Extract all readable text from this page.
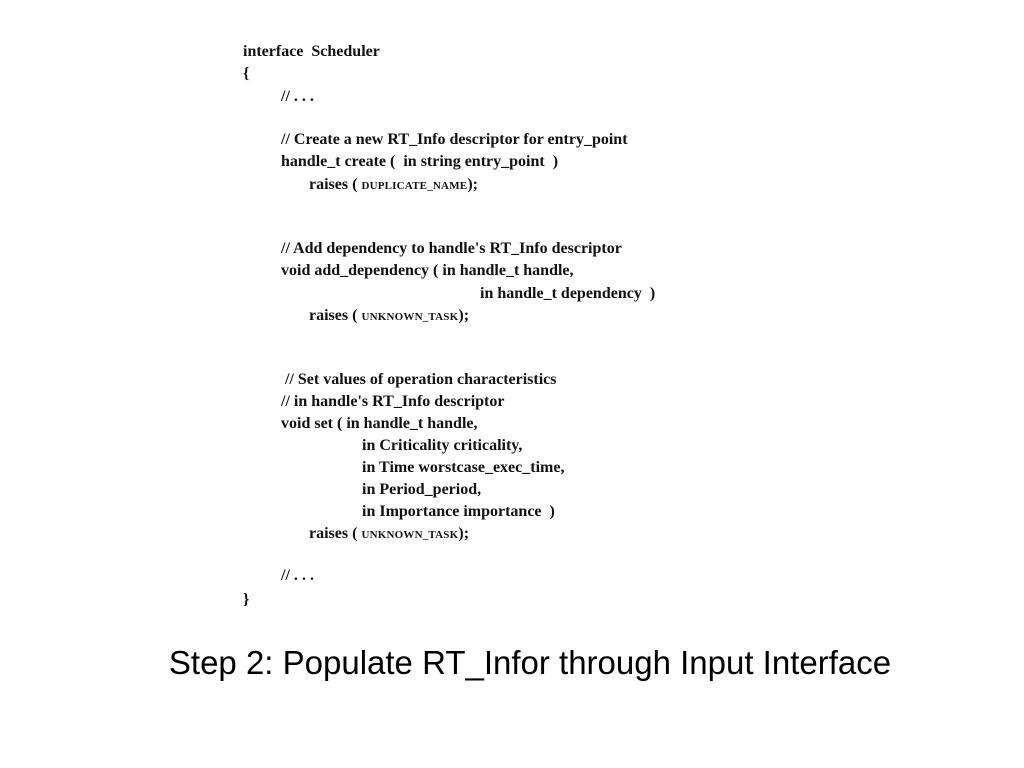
interface  Scheduler
{
// . . .
// Create a new RT_Info descriptor for entry_point
handle_t create (  in string entry_point  )
raises ( DUPLICATE_NAME);
// Add dependency to handle's RT_Info descriptor
void add_dependency ( in handle_t handle,
in handle_t dependency  )
raises ( UNKNOWN_TASK);
// Set values of operation characteristics
// in handle's RT_Info descriptor
void set ( in handle_t handle,
in Criticality criticality,
in Time worstcase_exec_time,
in Period_period,
in Importance importance  )
raises ( UNKNOWN_TASK);
// . . .
}
Step 2: Populate RT_Infor through Input Interface
